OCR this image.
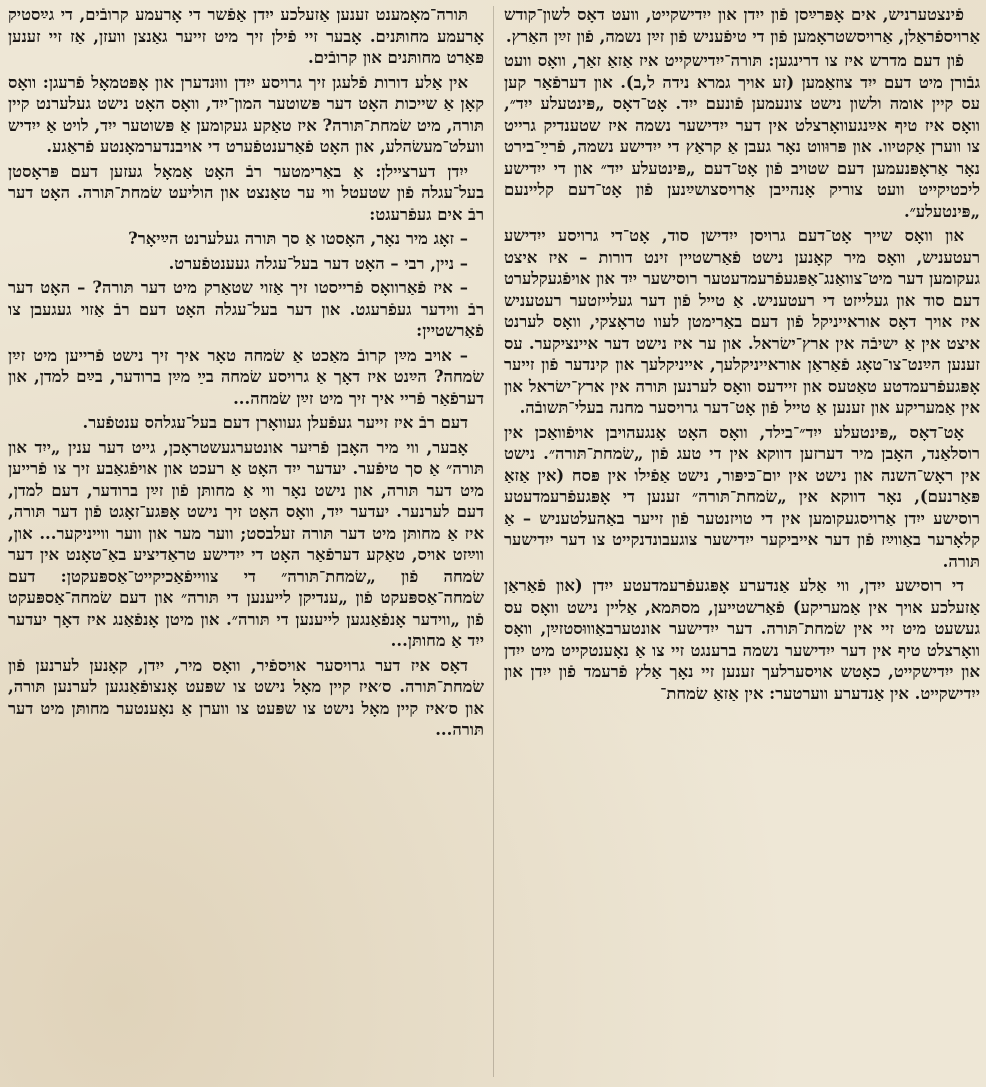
פֿינצטערניש, אים אָפּרײַסן פֿון ייִדן און ייִדישקייט, וועט דאָס לשון־קודש אַרויספֿראַלן, אַרויסשטראָמען פֿון די טיפֿעניש פֿון זײַן נשמה, פֿון זײַן האַרץ.

פֿון דעם מדרש איז צו דרינגען: תּורה־ייִדישקייט איז אַזאַ זאַך, וואָס וועט גבֿורן מיט דעם ייִד צוזאַמען (זע אויך גמרא נידה ל,ב). און דערפֿאַר קען עס קיין אומה ולשון נישט צונעמען פֿונעם ייִד. אָט־דאָס „פּינטעלע ייִד״, וואָס איז טיף אײַנגעוואָרצלט אין דער ייִדישער נשמה איז שטענדיק גרייט צו ווערן אַקטיוו. און פּרוּווט נאָר געבן אַ קראַץ די ייִדישע נשמה, פֿרײַ־בירט נאָר אַראָפּנעמען דעם שטויב פֿון אָט־דעם „פּינטעלע ייִד״ און די ייִדישע ליכטיקייט וועט צוריק אָנהייבן אַרויסצושײַנען פֿון אָט־דעם קליינעם „פּינטעלע״.

און וואָס שייך אָט־דעם גרויסן ייִדישן סוד, אָט־די גרויסע ייִדישע רעטעניש, וואָס מיר קאָנען נישט פֿאַרשטיין זינט דורות – איז איצט געקומען דער מיט־צוואַנג־אַפּגעפֿרעמדעטער רוסישער ייִד און אויפֿגעקלערט דעם סוד און געלייזט די רעטעניש. אַ טייל פֿון דער געלייזטער רעטעניש איז אויך דאָס אוראייניקל פֿון דעם באַרימטן לעוו טראָצקי, וואָס לערנט איצט אין אַ ישיבֿה אין ארץ־ישׂראל. און ער איז נישט דער איינציקער. עס זענען הײַנט־צו־טאָג פֿאַראַן אוראייניקלעך, אייניקלעך און קינדער פֿון זייער אָפּגעפֿרעמדטע טאַטעס און זיידעס וואָס לערנען תּורה אין ארץ־ישׂראל און אין אַמעריקע און זענען אַ טייל פֿון אָט־דער גרויסער מחנה בעלי־תּשובֿה.

אָט־דאָס „פּינטעלע ייִד״־בילד, וואָס האָט אָנגעהויבן אויפֿוואַכן אין רוסלאַנד, האָבן מיר דערזען דווקא אין די טעג פֿון „שׂמחת־תּורה״. נישט אין ראָש־השנה און נישט אין יום־כּיפּור, נישט אַפֿילו אין פּסח (אין אַזאַ פּאַרנעם), נאָר דווקא אין „שׂמחת־תּורה״ זענען די אָפּגעפֿרעמדעטע רוסישע ייִדן אַרויסגעקומען אין די טויזנטער פֿון זייער באַהעלטעניש – אַ קלאָרער באַווײַז פֿון דער אייביקער ייִדישער צוגעבונדנקייט צו דער ייִדישער תּורה.

די רוסישע ייִדן, ווי אַלע אַנדערע אָפּגעפֿרעמדעטע ייִדן (און פֿאַראַן אַזעלכע אויך אין אַמעריקע) פֿאַרשטייען, מסתּמא, אַליין נישט וואָס עס געשעט מיט זיי אין שׂמחת־תּורה. דער ייִדישער אונטערבאַוווּסטזײַן, וואָס וואָרצלט טיף אין דער ייִדישער נשמה ברענגט זיי צו אַ נאָענטקייט מיט ייִדן און ייִדישקייט, כאָטש אויסערלעך זענען זיי נאָך אַלץ פֿרעמד פֿון ייִדן און ייִדישקייט. אין אַנדערע ווערטער: אין אַזאַ שׂמחת־

תּורה־מאָמענט זענען אַזעלכע ייִדן אַפֿשר די אָרעמע קרובֿים, די גײַסטיק אָרעמע מחותּנים. אָבער זיי פֿילן זיך מיט זייער גאַנצן וועזן, אַז זיי זענען פּאַרט מחותּנים און קרובֿים.

אין אַלע דורות פֿלעגן זיך גרויסע ייִדן וווּנדערן און אָפּטמאָל פֿרעגן: וואָס קאָן אַ שייכות האָט דער פּשוטער המון־ייִד, וואָס האָט נישט געלערנט קיין תּורה, מיט שׂמחת־תּורה? איז טאַקע געקומען אַ פּשוטער ייִד, לויט אַ ייִדיש וועלט־מעשׂהלע, און האָט פֿאַרענטפֿערט די אויבנדערמאָנטע פֿראַגע.

ייִדן דערציילן: אַ באַרימטער רבֿ האָט אַמאָל געזען דעם פּראָסטן בעל־עגלה פֿון שטעטל ווי ער טאַנצט און הוליעט שׂמחת־תּורה. האָט דער רבֿ אים געפֿרעגט:

– זאָג מיר נאָר, האָסטו אַ סך תּורה געלערנט הײַיאָר?

– ניין, רבי – האָט דער בעל־עגלה געענטפֿערט.

– איז פֿאַרוואָס פֿרייסטו זיך אַזוי שטאַרק מיט דער תּורה? – האָט דער רבֿ ווידער געפֿרעגט. און דער בעל־עגלה האָט דעם רבֿ אַזוי געגעבן צו פֿאַרשטיין:

– אויב מײַן קרובֿ מאַכט אַ שׂמחה טאָר איך זיך נישט פֿרייען מיט זײַן שׂמחה? הײַנט איז דאָך אַ גרויסע שׂמחה בײַ מײַן ברודער, בײַם למדן, און דערפֿאַר פֿריי איך זיך מיט זײַן שׂמחה...

דעם רבֿ איז זייער געפֿעלן געוואָרן דעם בעל־עגלהס ענטפֿער.

אָבער, ווי מיר האָבן פֿריִער אונטערגעשטראָכן, גייט דער ענין „ייִד און תּורה״ אַ סך טיפֿער. יעדער ייִד האָט אַ רעכט און אויפֿגאַבע זיך צו פֿרייען מיט דער תּורה, און נישט נאָר ווי אַ מחותּן פֿון זײַן ברודער, דעם למדן, דעם לערנער. יעדער ייִד, וואָס האָט זיך נישט אָפּגע־זאָגט פֿון דער תּורה, איז אַ מחותּן מיט דער תּורה זעלבסט; ווער מער און ווער ווייניקער... און, ווײַזט אויס, טאַקע דערפֿאַר האָט די ייִדישע טראַדיציע באַ־טאָנט אין דער שׂמחה פֿון „שׂמחת־תּורה״ די צווייפֿאַכיקייט־אַספּעקטן: דעם שׂמחה־אַספּעקט פֿון „ענדיקן לייענען די תּורה״ און דעם שׂמחה־אַספּעקט פֿון „ווידער אָנפֿאַנגען לייענען די תּורה״. און מיטן אָנפֿאַנג איז דאָך יעדער ייִד אַ מחותּן...

דאָס איז דער גרויסער אויספֿיר, וואָס מיר, ייִדן, קאָנען לערנען פֿון שׂמחת־תּורה. ס׳איז קיין מאָל נישט צו שפּעט אָנצופֿאַנגען לערנען תּורה, און ס׳איז קיין מאָל נישט צו שפּעט צו ווערן אַ נאָענטער מחותּן מיט דער תּורה...
